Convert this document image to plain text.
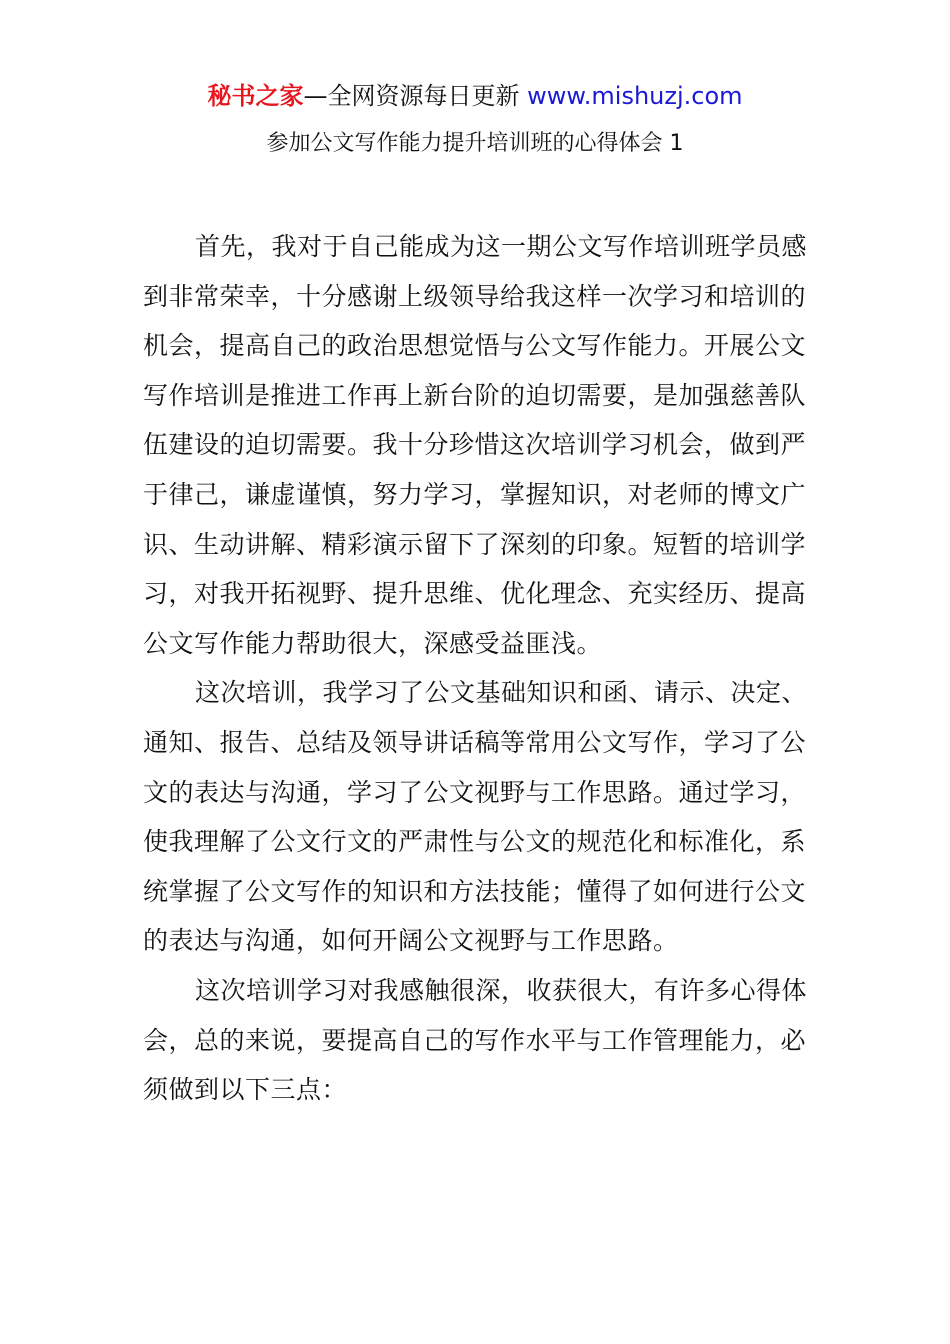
秘书之家—全网资源每日更新 www.mishuzj.com
参加公文写作能力提升培训班的心得体会 1

首先，我对于自己能成为这一期公文写作培训班学员感到非常荣幸，十分感谢上级领导给我这样一次学习和培训的机会，提高自己的政治思想觉悟与公文写作能力。开展公文写作培训是推进工作再上新台阶的迫切需要，是加强慈善队伍建设的迫切需要。我十分珍惜这次培训学习机会，做到严于律己，谦虚谨慎，努力学习，掌握知识，对老师的博文广识、生动讲解、精彩演示留下了深刻的印象。短暂的培训学习，对我开拓视野、提升思维、优化理念、充实经历、提高公文写作能力帮助很大，深感受益匪浅。

这次培训，我学习了公文基础知识和函、请示、决定、通知、报告、总结及领导讲话稿等常用公文写作，学习了公文的表达与沟通，学习了公文视野与工作思路。通过学习，使我理解了公文行文的严肃性与公文的规范化和标准化，系统掌握了公文写作的知识和方法技能；懂得了如何进行公文的表达与沟通，如何开阔公文视野与工作思路。

这次培训学习对我感触很深，收获很大，有许多心得体会，总的来说，要提高自己的写作水平与工作管理能力，必须做到以下三点：
